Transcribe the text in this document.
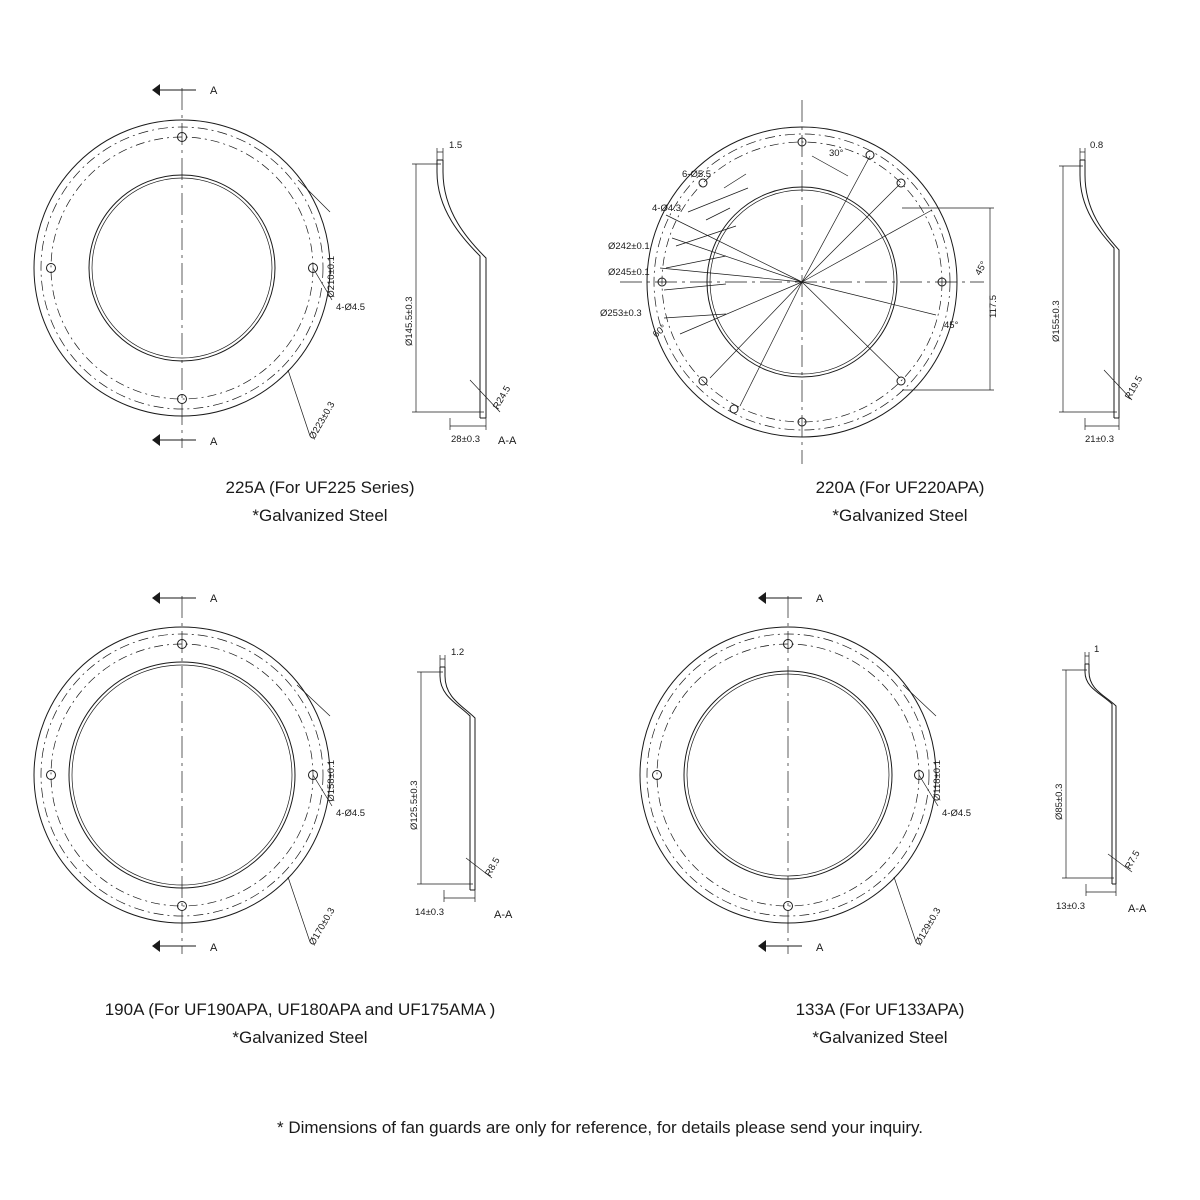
Ø210±0.1
4-Ø4.5
Ø223±0.3
1.5
Ø145.5±0.3
R24.5
28±0.3
A
A	A-A
225A (For UF225 Series)
*Galvanized Steel
30°
6-Ø5.5
4-Ø4.3
Ø242±0.1
Ø245±0.1
Ø253±0.3
45°
45°
60°
117.5
0.8
Ø155±0.3
R19.5
21±0.3
220A (For UF220APA)
*Galvanized Steel
Ø158±0.1
4-Ø4.5
Ø170±0.3
1.2
Ø125.5±0.3
R8.5
14±0.3
A
A
A-A
190A (For UF190APA, UF180APA and UF175AMA )
*Galvanized Steel
Ø118±0.1
4-Ø4.5
Ø129±0.3
1
Ø85±0.3
R7.5
13±0.3
A
A
A-A
133A (For UF133APA)
*Galvanized Steel
* Dimensions of fan guards are only for reference, for details please send your inquiry.
